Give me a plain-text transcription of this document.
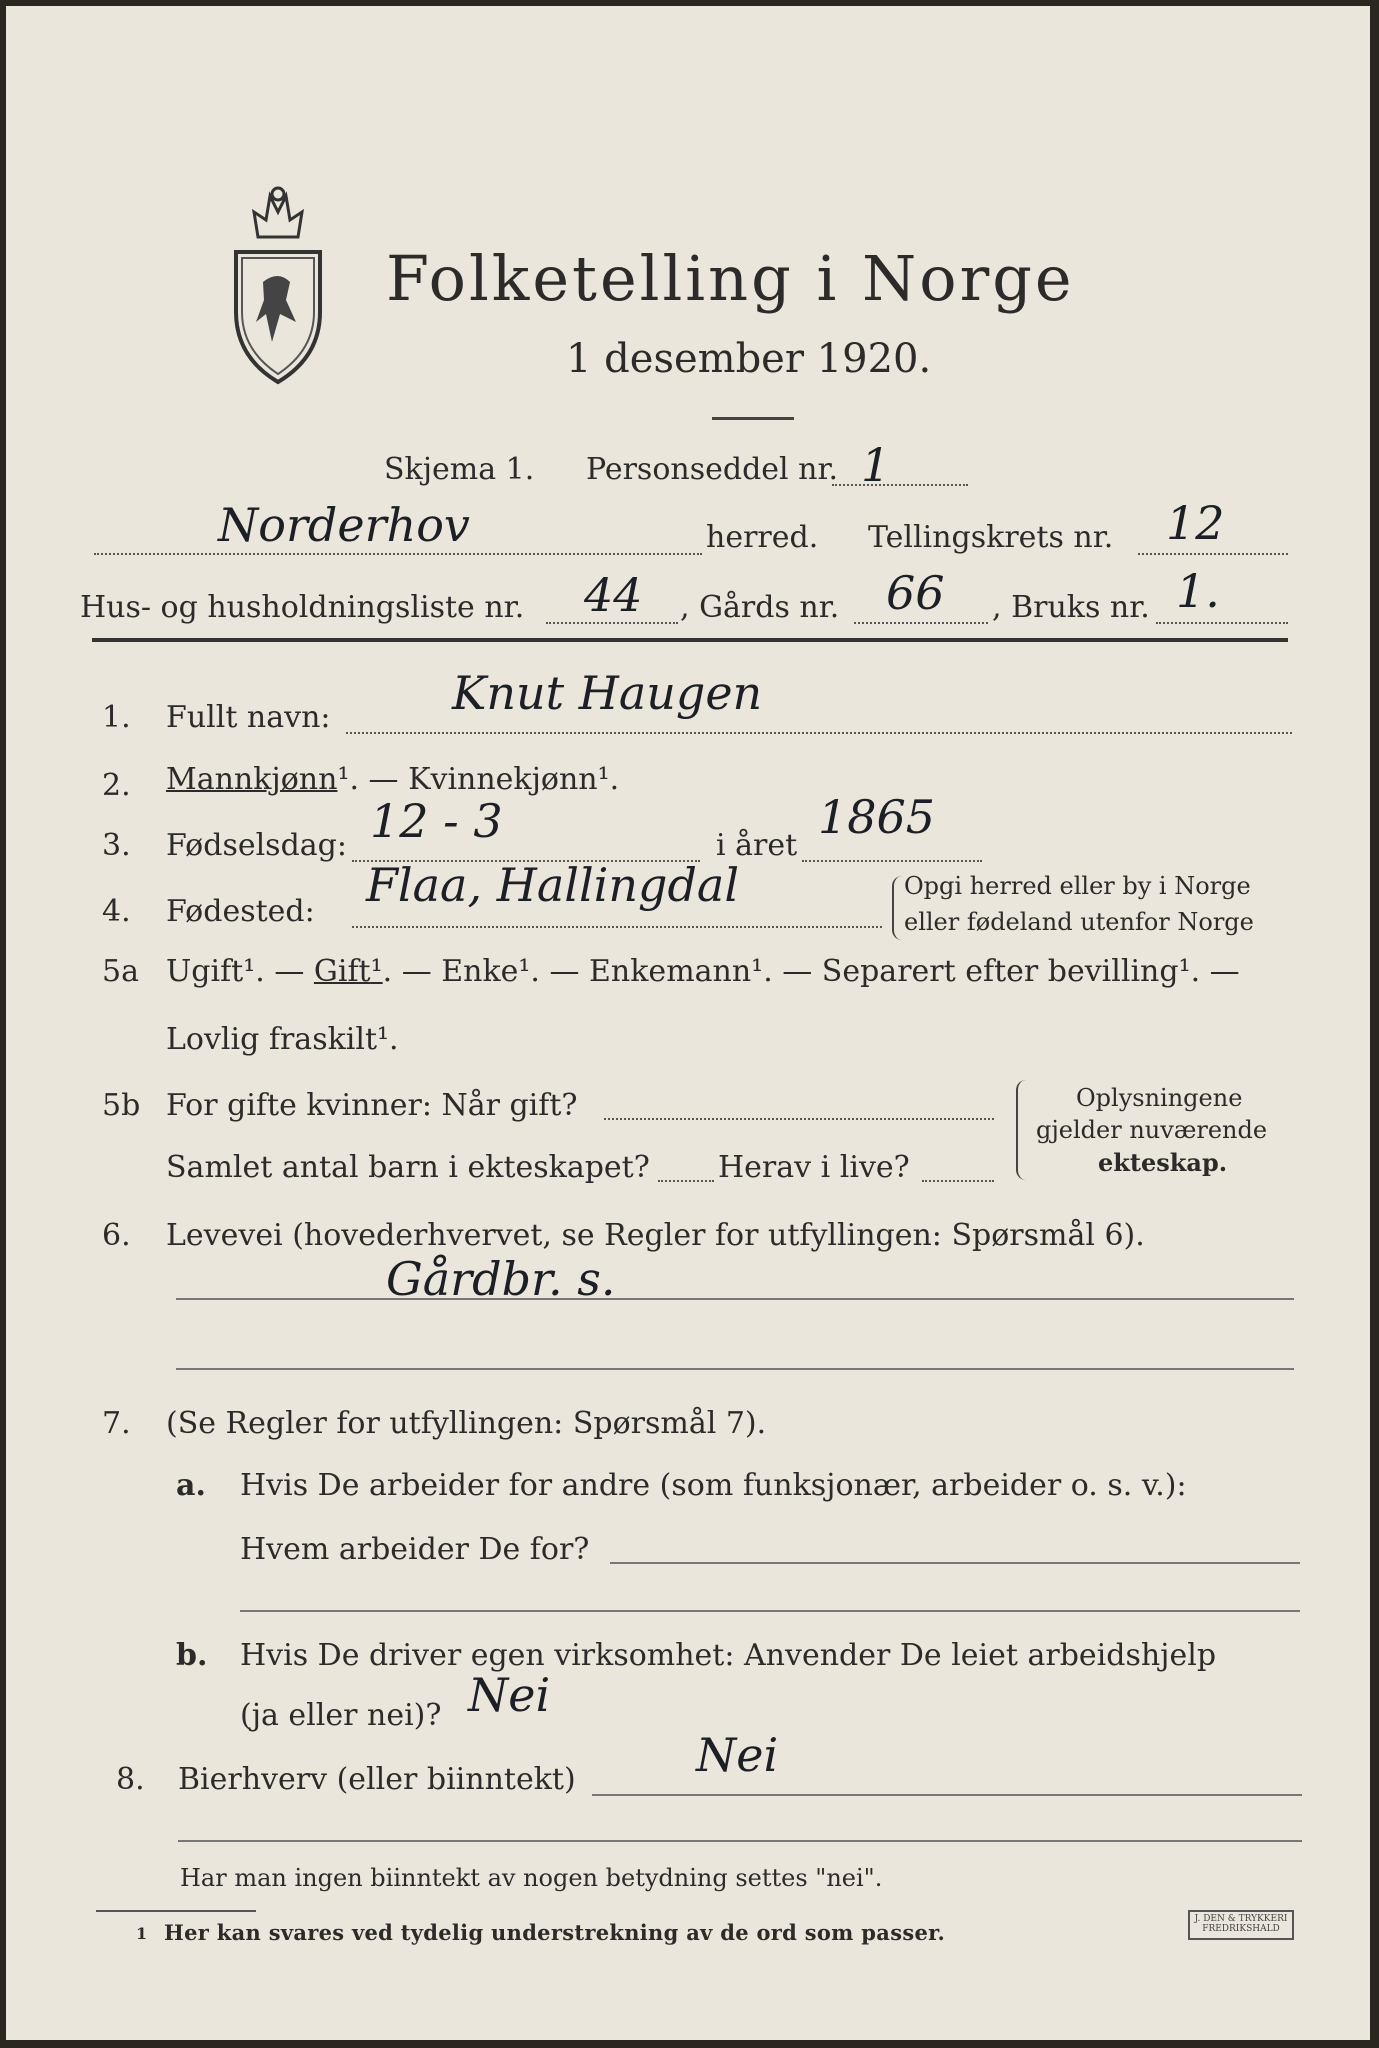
Folketelling i Norge
1 desember 1920.
Skjema 1. Personseddel nr. 1
Norderhov	herred. Tellingskrets nr. 12
Hus- og husholdningsliste nr. 44 , Gårds nr. 66 , Bruks nr. 1.
1. Fullt navn:	Knut Haugen
2. Mannkjønn¹. — Kvinnekjønn¹.
3. Fødselsdag: 12 - 3	i året
1865
4. Fødested: Flaa, Hallingdal	Opgi herred eller by i Norge
eller fødeland utenfor Norge
5a Ugift¹. — Gift¹. — Enke¹. — Enkemann¹. — Separert efter bevilling¹. —
Lovlig fraskilt¹.
5b For gifte kvinner: Når gift?
Samlet antal barn i ekteskapet? Herav i live?
Oplysningene
gjelder nuværende
ekteskap.
6. Levevei (hovederhvervet, se Regler for utfyllingen: Spørsmål 6).
Gårdbr. s.
7. (Se Regler for utfyllingen: Spørsmål 7).
a. Hvis De arbeider for andre (som funksjonær, arbeider o. s. v.):
Hvem arbeider De for?
b. Hvis De driver egen virksomhet: Anvender De leiet arbeidshjelp
(ja eller nei)? Nei
8. Bierhverv (eller biinntekt)	Nei
Har man ingen biinntekt av nogen betydning settes "nei".
1 Her kan svares ved tydelig understrekning av de ord som passer.
J. DEN & TRYKKERI FREDRIKSHALD
